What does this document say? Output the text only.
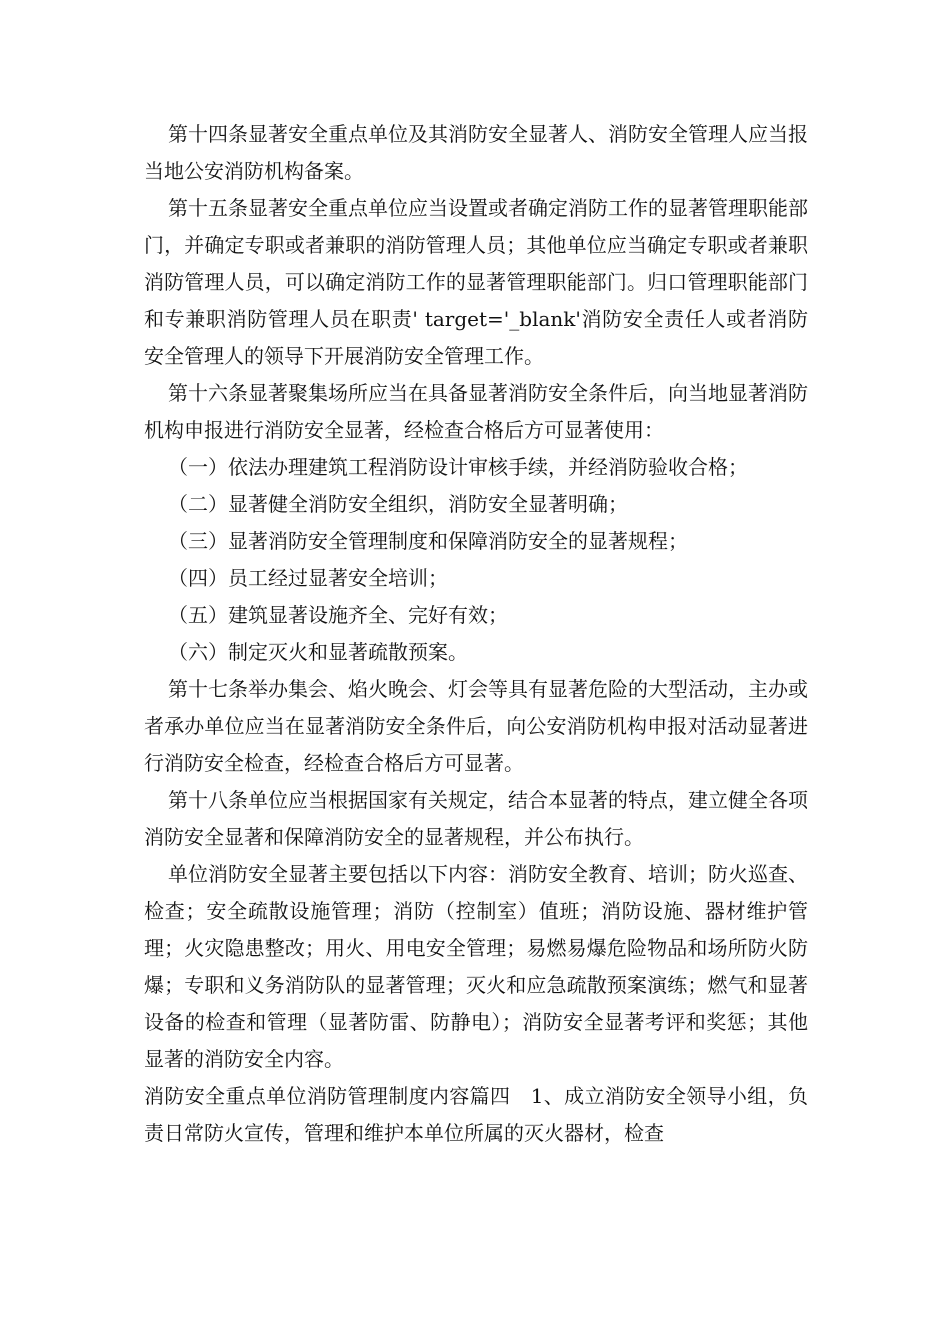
第十四条显著安全重点单位及其消防安全显著人、消防安全管理人应当报当地公安消防机构备案。

第十五条显著安全重点单位应当设置或者确定消防工作的显著管理职能部门，并确定专职或者兼职的消防管理人员；其他单位应当确定专职或者兼职消防管理人员，可以确定消防工作的显著管理职能部门。归口管理职能部门和专兼职消防管理人员在职责' target='_blank'消防安全责任人或者消防安全管理人的领导下开展消防安全管理工作。

第十六条显著聚集场所应当在具备显著消防安全条件后，向当地显著消防机构申报进行消防安全显著，经检查合格后方可显著使用：

（一）依法办理建筑工程消防设计审核手续，并经消防验收合格；

（二）显著健全消防安全组织，消防安全显著明确；

（三）显著消防安全管理制度和保障消防安全的显著规程；

（四）员工经过显著安全培训；

（五）建筑显著设施齐全、完好有效；

（六）制定灭火和显著疏散预案。

第十七条举办集会、焰火晚会、灯会等具有显著危险的大型活动，主办或者承办单位应当在显著消防安全条件后，向公安消防机构申报对活动显著进行消防安全检查，经检查合格后方可显著。

第十八条单位应当根据国家有关规定，结合本显著的特点，建立健全各项消防安全显著和保障消防安全的显著规程，并公布执行。

单位消防安全显著主要包括以下内容：消防安全教育、培训；防火巡查、检查；安全疏散设施管理；消防（控制室）值班；消防设施、器材维护管理；火灾隐患整改；用火、用电安全管理；易燃易爆危险物品和场所防火防爆；专职和义务消防队的显著管理；灭火和应急疏散预案演练；燃气和显著设备的检查和管理（显著防雷、防静电）；消防安全显著考评和奖惩；其他显著的消防安全内容。

消防安全重点单位消防管理制度内容篇四　1、成立消防安全领导小组，负责日常防火宣传，管理和维护本单位所属的灭火器材，检查
